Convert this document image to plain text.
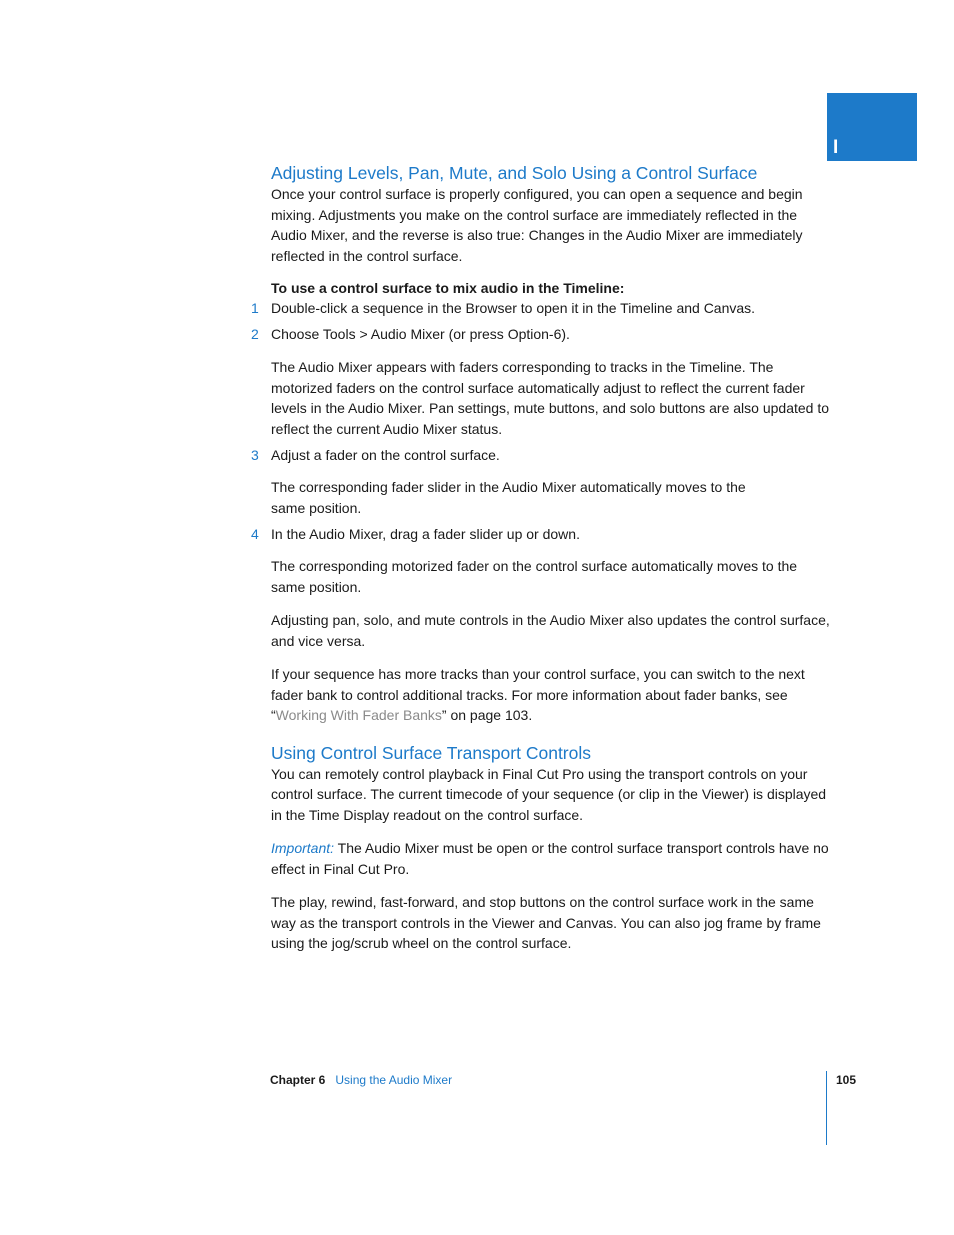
I
Adjusting Levels, Pan, Mute, and Solo Using a Control Surface

Once your control surface is properly configured, you can open a sequence and begin mixing. Adjustments you make on the control surface are immediately reflected in the Audio Mixer, and the reverse is also true: Changes in the Audio Mixer are immediately reflected in the control surface.

To use a control surface to mix audio in the Timeline:
1 Double-click a sequence in the Browser to open it in the Timeline and Canvas.
2 Choose Tools > Audio Mixer (or press Option-6).

The Audio Mixer appears with faders corresponding to tracks in the Timeline. The motorized faders on the control surface automatically adjust to reflect the current fader levels in the Audio Mixer. Pan settings, mute buttons, and solo buttons are also updated to reflect the current Audio Mixer status.

3 Adjust a fader on the control surface.

The corresponding fader slider in the Audio Mixer automatically moves to the same position.

4 In the Audio Mixer, drag a fader slider up or down.

The corresponding motorized fader on the control surface automatically moves to the same position.

Adjusting pan, solo, and mute controls in the Audio Mixer also updates the control surface, and vice versa.

If your sequence has more tracks than your control surface, you can switch to the next fader bank to control additional tracks. For more information about fader banks, see “Working With Fader Banks” on page 103.

Using Control Surface Transport Controls

You can remotely control playback in Final Cut Pro using the transport controls on your control surface. The current timecode of your sequence (or clip in the Viewer) is displayed in the Time Display readout on the control surface.

Important: The Audio Mixer must be open or the control surface transport controls have no effect in Final Cut Pro.

The play, rewind, fast-forward, and stop buttons on the control surface work in the same way as the transport controls in the Viewer and Canvas. You can also jog frame by frame using the jog/scrub wheel on the control surface.

Chapter 6 Using the Audio Mixer	105
